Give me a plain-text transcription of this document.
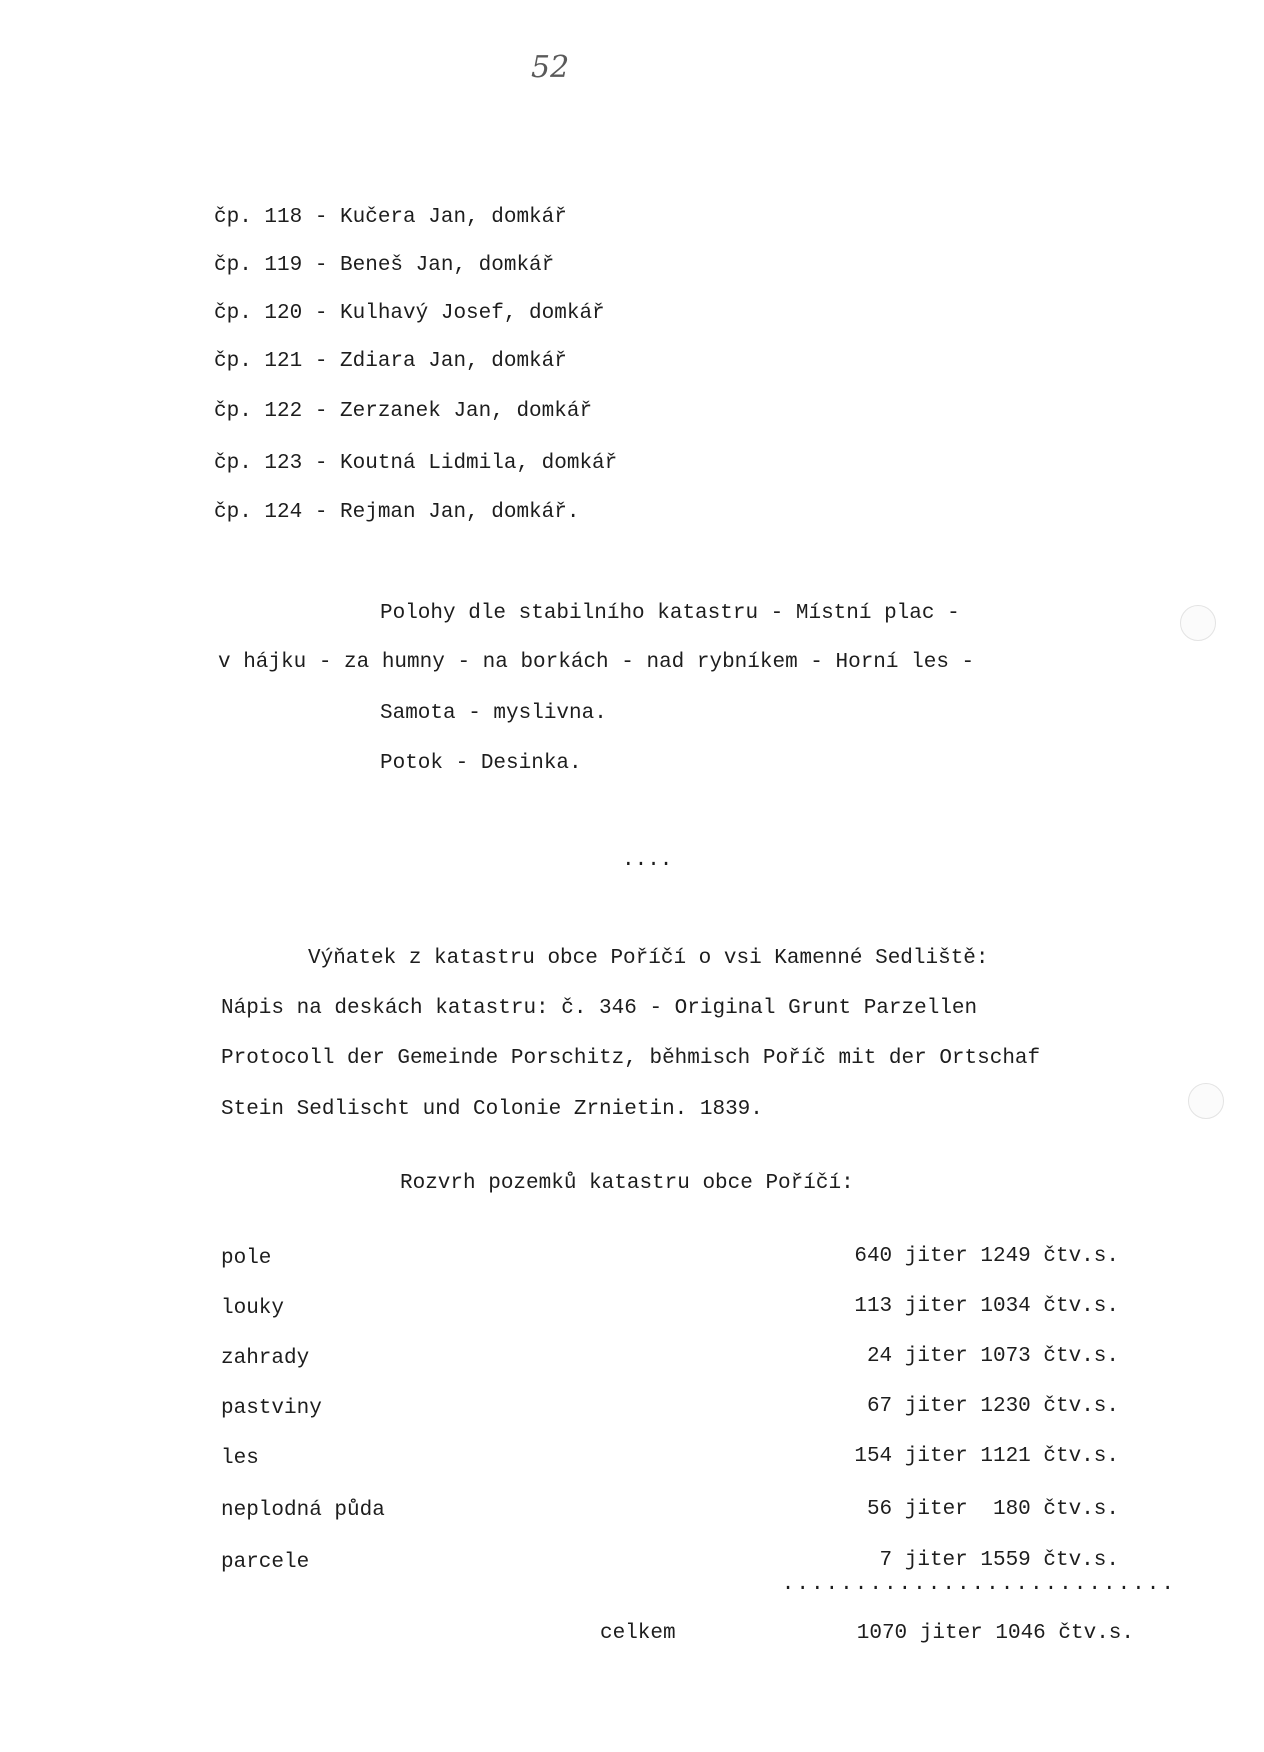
52
čp. 118 - Kučera Jan, domkář
čp. 119 - Beneš Jan, domkář
čp. 120 - Kulhavý Josef, domkář
čp. 121 - Zdiara Jan, domkář
čp. 122 - Zerzanek Jan, domkář
čp. 123 - Koutná Lidmila, domkář
čp. 124 - Rejman Jan, domkář.
Polohy dle stabilního katastru - Místní plac -
v hájku - za humny - na borkách - nad rybníkem - Horní les -
Samota - myslivna.
Potok - Desinka.
....
Výňatek z katastru obce Poříčí o vsi Kamenné Sedliště:
Nápis na deskách katastru: č. 346 - Original Grunt Parzellen
Protocoll der Gemeinde Porschitz, běhmisch Poříč mit der Ortschaf
Stein Sedlischt und Colonie Zrnietin. 1839.
Rozvrh pozemků katastru obce Poříčí:
pole	640 jiter 1249 čtv.s.
louky	113 jiter 1034 čtv.s.
zahrady	24 jiter 1073 čtv.s.
pastviny	67 jiter 1230 čtv.s.
les	154 jiter 1121 čtv.s.
neplodná půda	56 jiter  180 čtv.s.
parcele	7 jiter 1559 čtv.s.
...........................
celkem	1070 jiter 1046 čtv.s.
